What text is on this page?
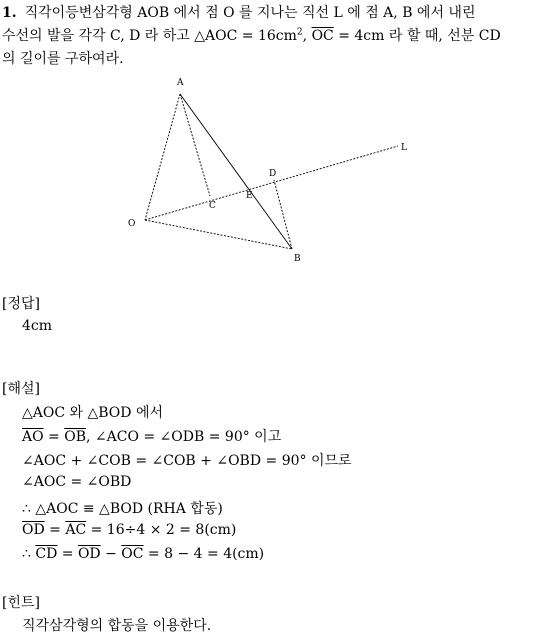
1. 직각이등변삼각형 AOB 에서 점 O 를 지나는 직선 L 에 점 A, B 에서 내린
수선의 발을 각각 C, D 라 하고 △AOC = $16cm^2$, $\overline{OC} = 4cm$ 라 할 때, 선분 CD
의 길이를 구하여라.
A
B
C
D
E
O
L
[정답]
4cm
[해설]
△AOC 와 △BOD 에서
$\overline{AO} = \overline{OB}$, ∠ACO = ∠ODB = 90° 이고
∠AOC + ∠COB = ∠COB + ∠OBD = 90° 이므로
∠AOC = ∠OBD
∴ △AOC ≡ △BOD (RHA 합동)
$\overline{OD} = \overline{AC} = 16\div 4 \times 2 = 8(cm)$
∴ $\overline{CD} = \overline{OD} - \overline{OC} = 8 - 4 = 4(cm)$
[힌트]
직각삼각형의 합동을 이용한다.
